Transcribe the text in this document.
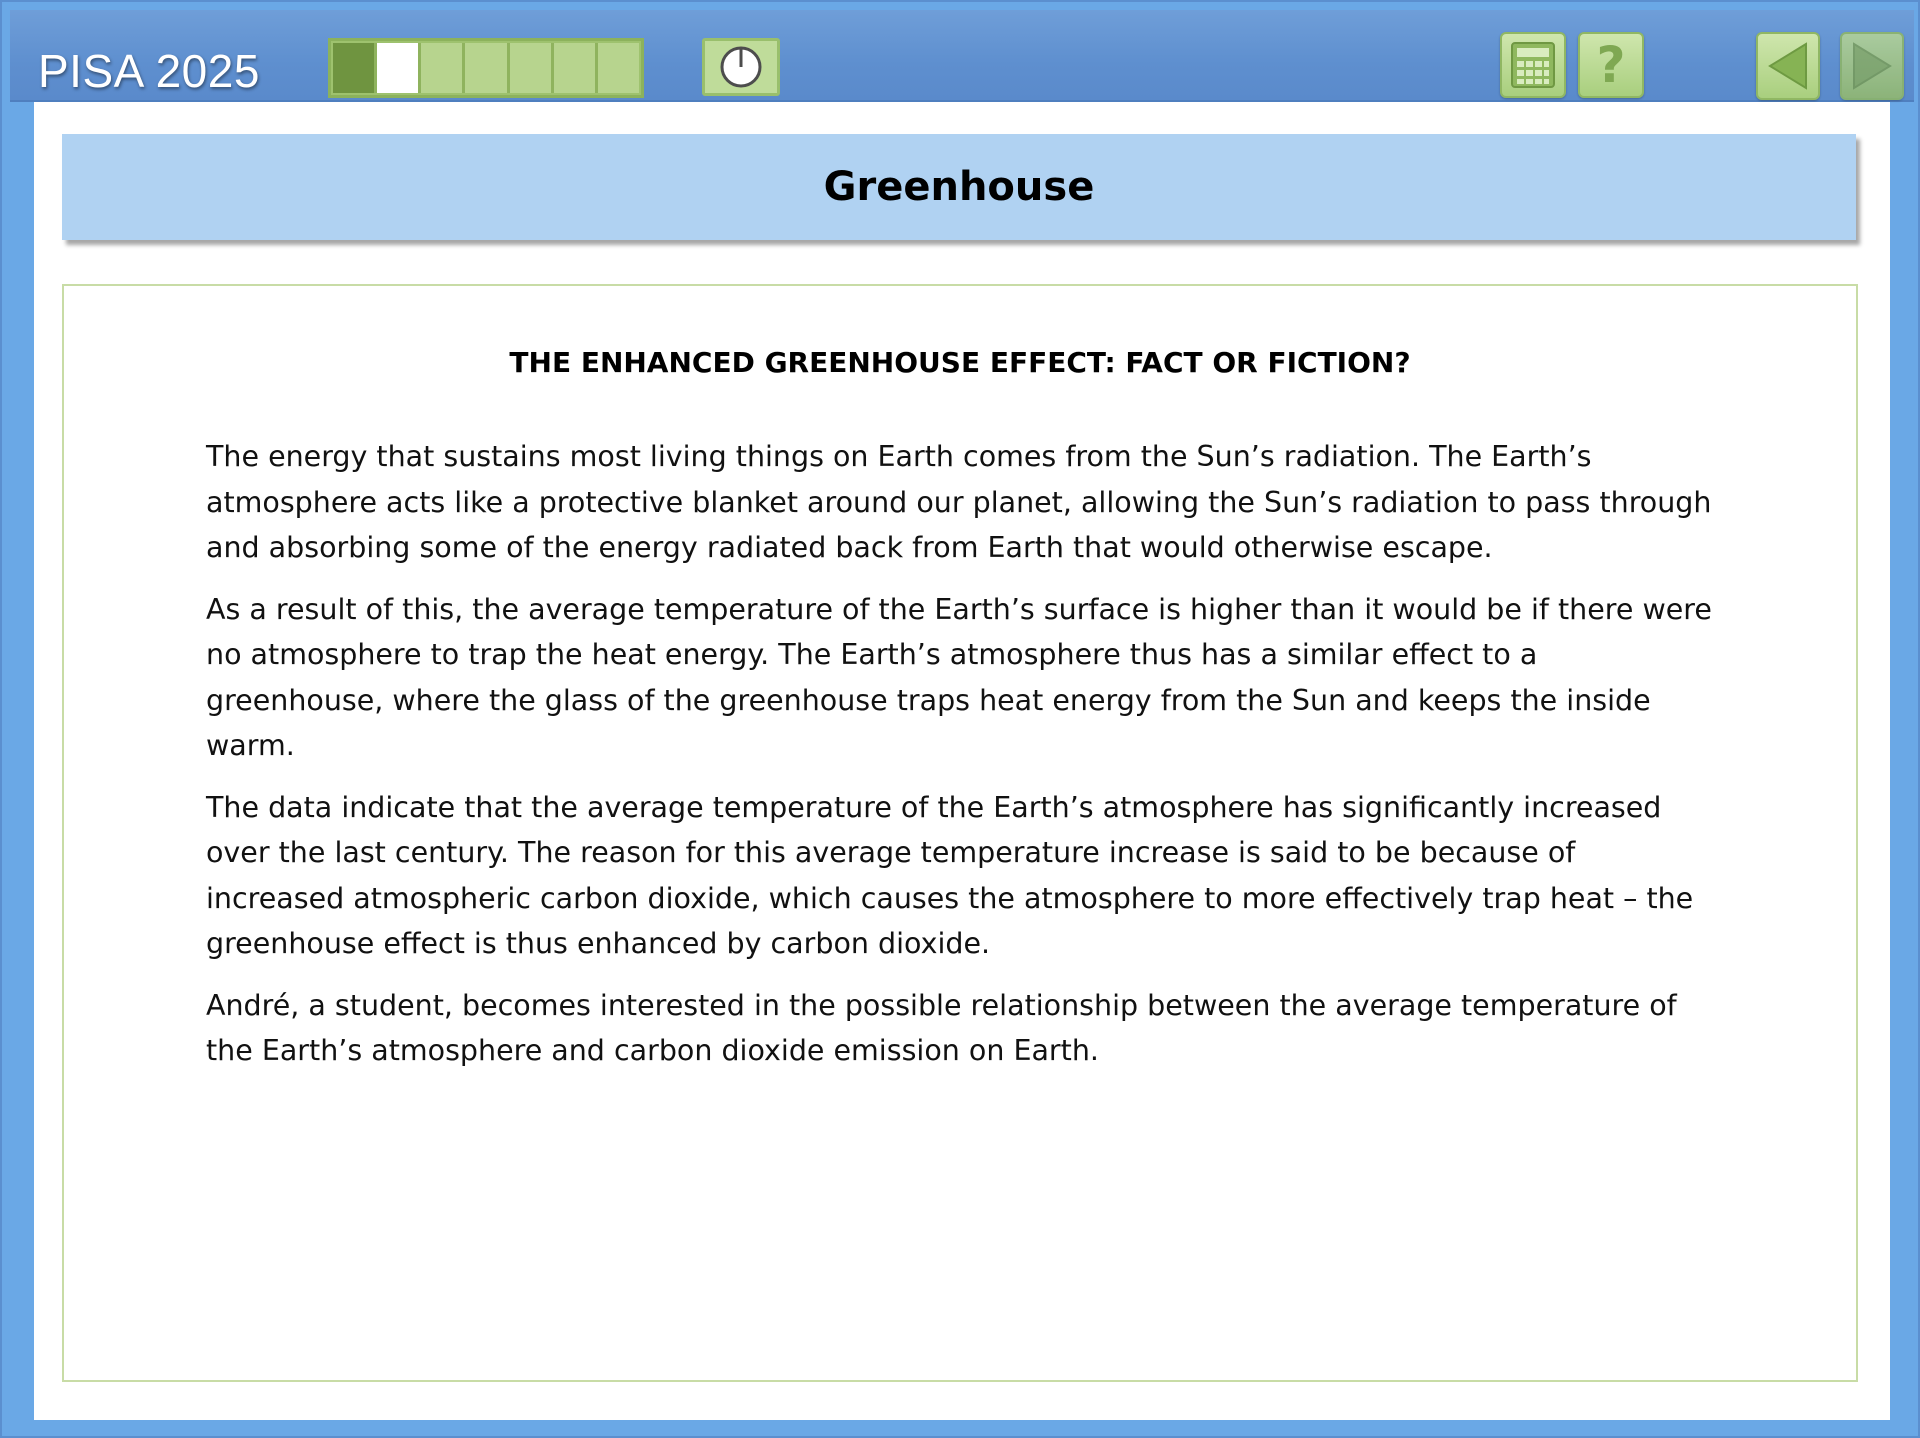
PISA 2025	?
Greenhouse
THE ENHANCED GREENHOUSE EFFECT: FACT OR FICTION?

The energy that sustains most living things on Earth comes from the Sun’s radiation. The Earth’s atmosphere acts like a protective blanket around our planet, allowing the Sun’s radiation to pass through and absorbing some of the energy radiated back from Earth that would otherwise escape.

As a result of this, the average temperature of the Earth’s surface is higher than it would be if there were no atmosphere to trap the heat energy. The Earth’s atmosphere thus has a similar effect to a greenhouse, where the glass of the greenhouse traps heat energy from the Sun and keeps the inside warm.

The data indicate that the average temperature of the Earth’s atmosphere has significantly increased over the last century. The reason for this average temperature increase is said to be because of increased atmospheric carbon dioxide, which causes the atmosphere to more effectively trap heat – the greenhouse effect is thus enhanced by carbon dioxide.

André, a student, becomes interested in the possible relationship between the average temperature of the Earth’s atmosphere and carbon dioxide emission on Earth.
